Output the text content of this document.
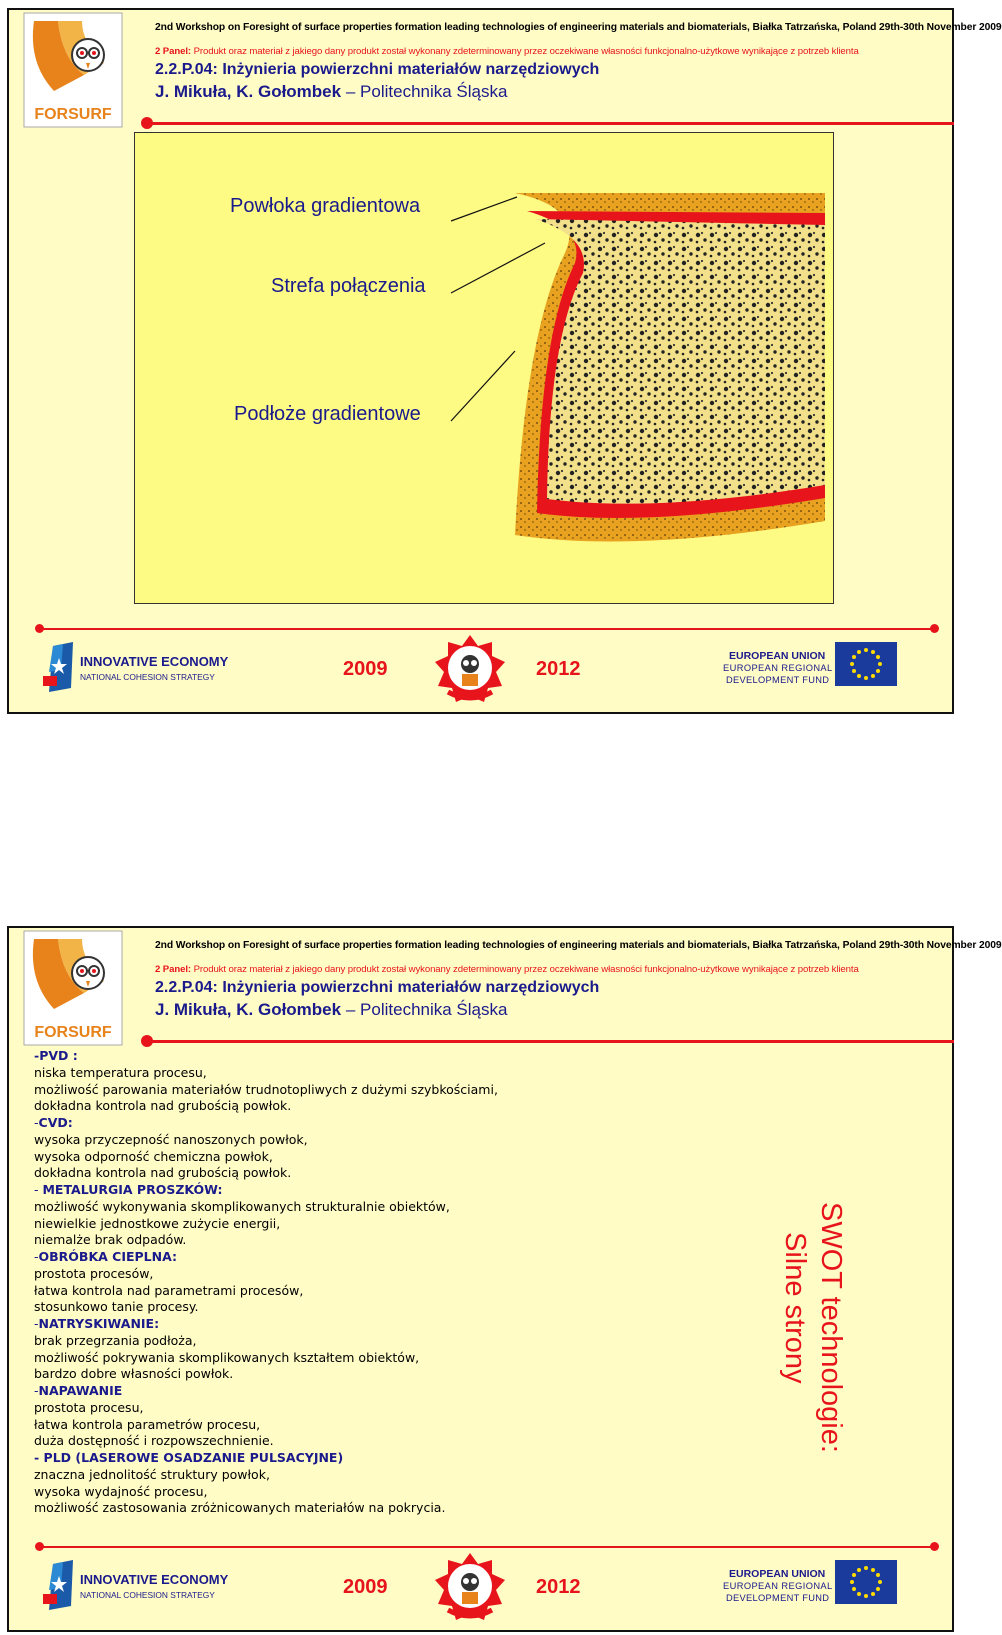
FORSURF
2nd Workshop on Foresight of surface properties formation leading technologies of engineering materials and biomaterials, Białka Tatrzańska, Poland 29th-30th November 2009
2 Panel: Produkt oraz materiał z jakiego dany produkt został wykonany zdeterminowany przez oczekiwane własności funkcjonalno-użytkowe wynikające z potrzeb klienta
2.2.P.04: Inżynieria powierzchni materiałów narzędziowych
J. Mikuła, K. Gołombek – Politechnika Śląska
Powłoka gradientowa
Strefa połączenia
Podłoże gradientowe
INNOVATIVE ECONOMY
NATIONAL COHESION STRATEGY	2009	2012
EUROPEAN UNION
EUROPEAN REGIONAL
DEVELOPMENT FUND
FORSURF
2nd Workshop on Foresight of surface properties formation leading technologies of engineering materials and biomaterials, Białka Tatrzańska, Poland 29th-30th November 2009
2 Panel: Produkt oraz materiał z jakiego dany produkt został wykonany zdeterminowany przez oczekiwane własności funkcjonalno-użytkowe wynikające z potrzeb klienta
2.2.P.04: Inżynieria powierzchni materiałów narzędziowych
J. Mikuła, K. Gołombek – Politechnika Śląska
-PVD :
niska temperatura procesu,
możliwość parowania materiałów trudnotopliwych z dużymi szybkościami,
dokładna kontrola nad grubością powłok.
-CVD:
wysoka przyczepność nanoszonych powłok,
wysoka odporność chemiczna powłok,
dokładna kontrola nad grubością powłok.
- METALURGIA PROSZKÓW:
możliwość wykonywania skomplikowanych strukturalnie obiektów,
niewielkie jednostkowe zużycie energii,
niemalże brak odpadów.
-OBRÓBKA CIEPLNA:
prostota procesów,
łatwa kontrola nad parametrami procesów,
stosunkowo tanie procesy.
-NATRYSKIWANIE:
brak przegrzania podłoża,
możliwość pokrywania skomplikowanych kształtem obiektów,
bardzo dobre własności powłok.
-NAPAWANIE
prostota procesu,
łatwa kontrola parametrów procesu,
duża dostępność i rozpowszechnienie.
- PLD (LASEROWE OSADZANIE PULSACYJNE)
znaczna jednolitość struktury powłok,
wysoka wydajność procesu,
możliwość zastosowania zróżnicowanych materiałów na pokrycia.
SWOT technologie:
Silne strony
INNOVATIVE ECONOMY
NATIONAL COHESION STRATEGY	2009	2012
EUROPEAN UNION
EUROPEAN REGIONAL
DEVELOPMENT FUND
